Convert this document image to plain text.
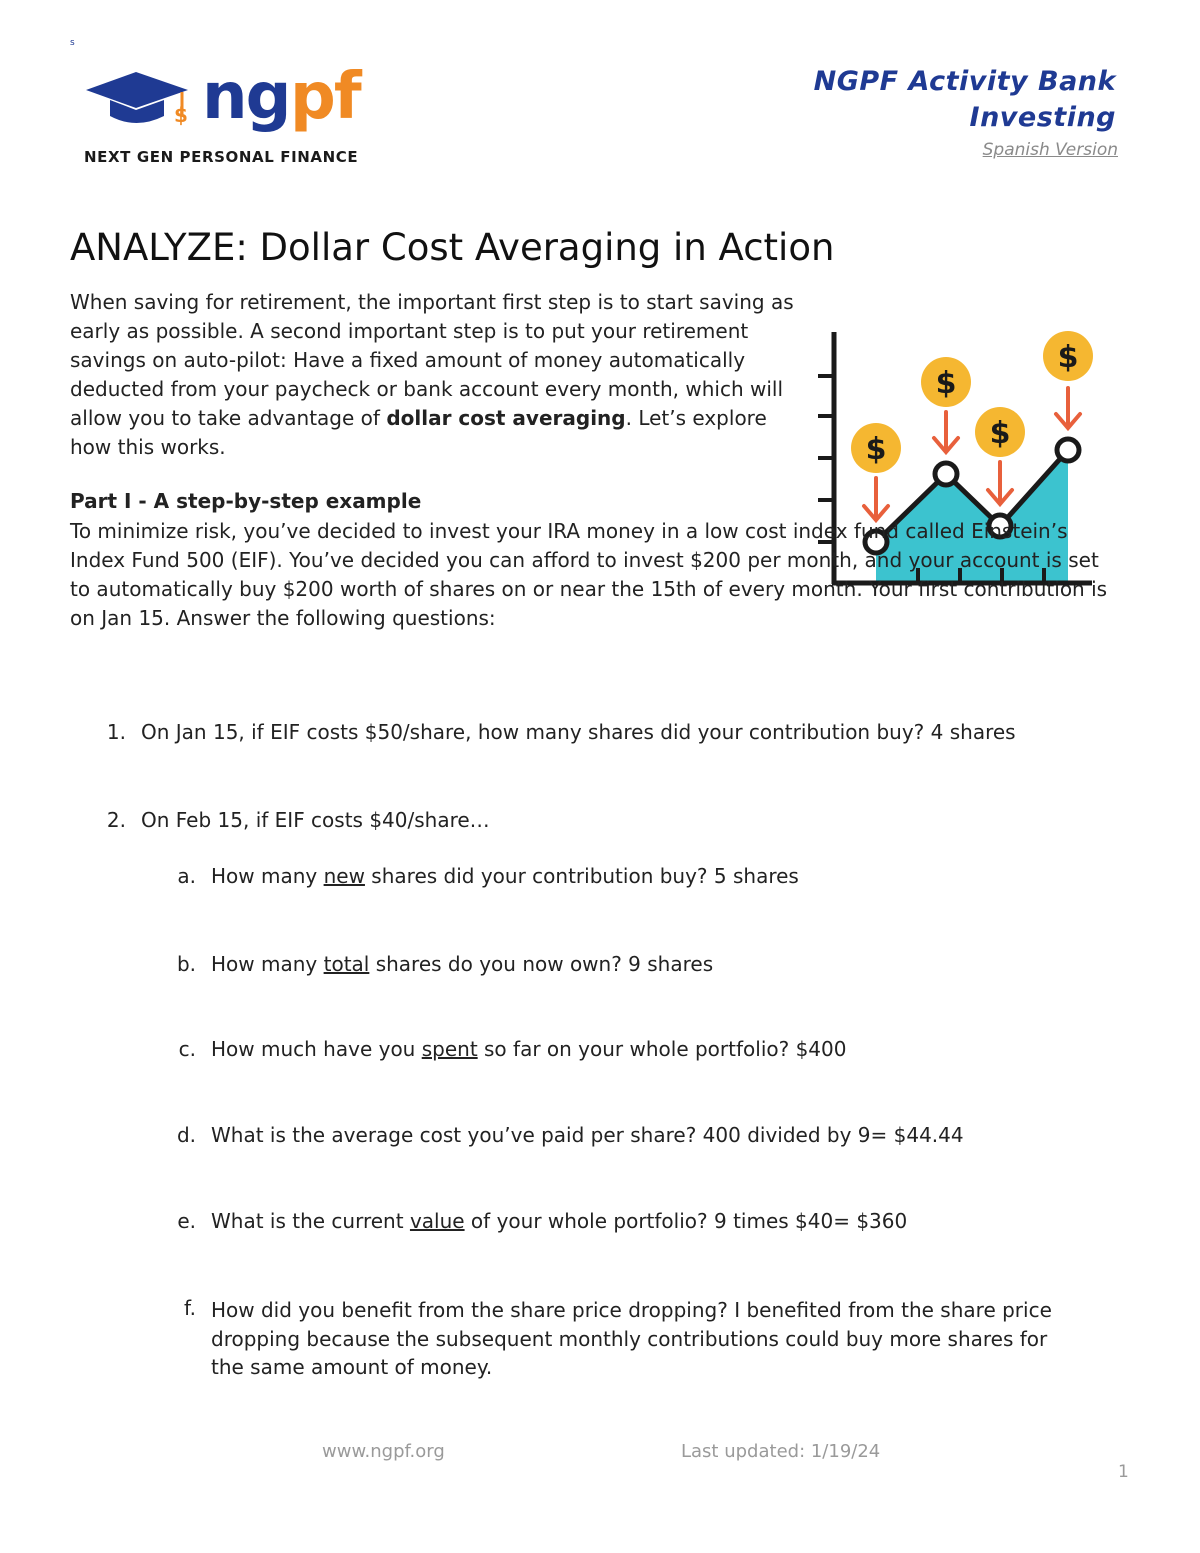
s
$ ng pf
NEXT GEN PERSONAL FINANCE
NGPF Activity Bank
Investing
Spanish Version
ANALYZE: Dollar Cost Averaging in Action
When saving for retirement, the important first step is to start saving as early as possible. A second important step is to put your retirement savings on auto-pilot: Have a fixed amount of money automatically deducted from your paycheck or bank account every month, which will allow you to take advantage of dollar cost averaging. Let’s explore how this works.	$
$
$
$
Part I - A step-by-step example
To minimize risk, you’ve decided to invest your IRA money in a low cost index fund called Einstein’s Index Fund 500 (EIF). You’ve decided you can afford to invest $200 per month, and your account is set to automatically buy $200 worth of shares on or near the 15th of every month. Your first contribution is on Jan 15. Answer the following questions:
1. On Jan 15, if EIF costs $50/share, how many shares did your contribution buy? 4 shares
2. On Feb 15, if EIF costs $40/share…
a. How many new shares did your contribution buy? 5 shares
b. How many total shares do you now own? 9 shares
c. How much have you spent so far on your whole portfolio? $400
d. What is the average cost you’ve paid per share? 400 divided by 9= $44.44
e. What is the current value of your whole portfolio? 9 times $40= $360
f. How did you benefit from the share price dropping? I benefited from the share price
dropping because the subsequent monthly contributions could buy more shares for
the same amount of money.
www.ngpf.org	Last updated: 1/19/24
1
